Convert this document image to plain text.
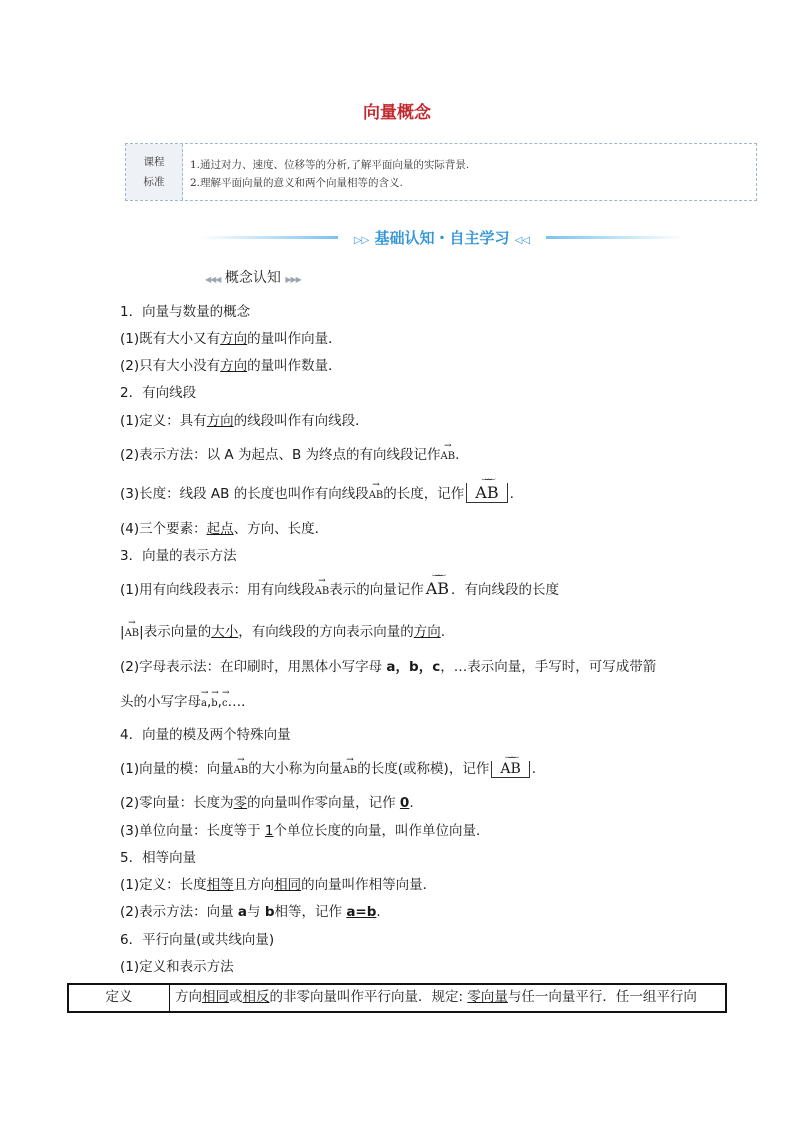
向量概念
课程
标准
1.通过对力、速度、位移等的分析,了解平面向量的实际背景.
2.理解平面向量的意义和两个向量相等的含义.
▷▷ 基础认知・自主学习 ◁◁
◀◀◀ 概念认知 ▶▶▶
1．向量与数量的概念
(1)既有大小又有方向的量叫作向量．
(2)只有大小没有方向的量叫作数量．
2．有向线段
(1)定义：具有方向的线段叫作有向线段．
(2)表示方法：以 A 为起点、B 为终点的有向线段记作→ AB.
(3)长度：线段 AB 的长度也叫作有向线段→ AB的长度，记作 ‿‿‿ AB .
(4)三个要素：起点、方向、长度．
3．向量的表示方法
(1)用有向线段表示：用有向线段→ AB表示的向量记作 ‿‿‿ AB ．有向线段的长度
|→ AB|表示向量的大小，有向线段的方向表示向量的方向.
(2)字母表示法：在印刷时，用黑体小写字母 a，b，c，…表示向量，手写时，可写成带箭
头的小写字母→ a,→ b,→ c…．
4．向量的模及两个特殊向量
(1)向量的模：向量→ AB的大小称为向量→ AB的长度(或称模)，记作 ‿‿‿ AB .
(2)零向量：长度为零的向量叫作零向量，记作 0.
(3)单位向量：长度等于 1个单位长度的向量，叫作单位向量．
5．相等向量
(1)定义：长度相等且方向相同的向量叫作相等向量．
(2)表示方法：向量 a与 b相等，记作 a=b.
6．平行向量(或共线向量)
(1)定义和表示方法
定义	方向相同或相反的非零向量叫作平行向量．规定: 零向量与任一向量平行．任一组平行向
